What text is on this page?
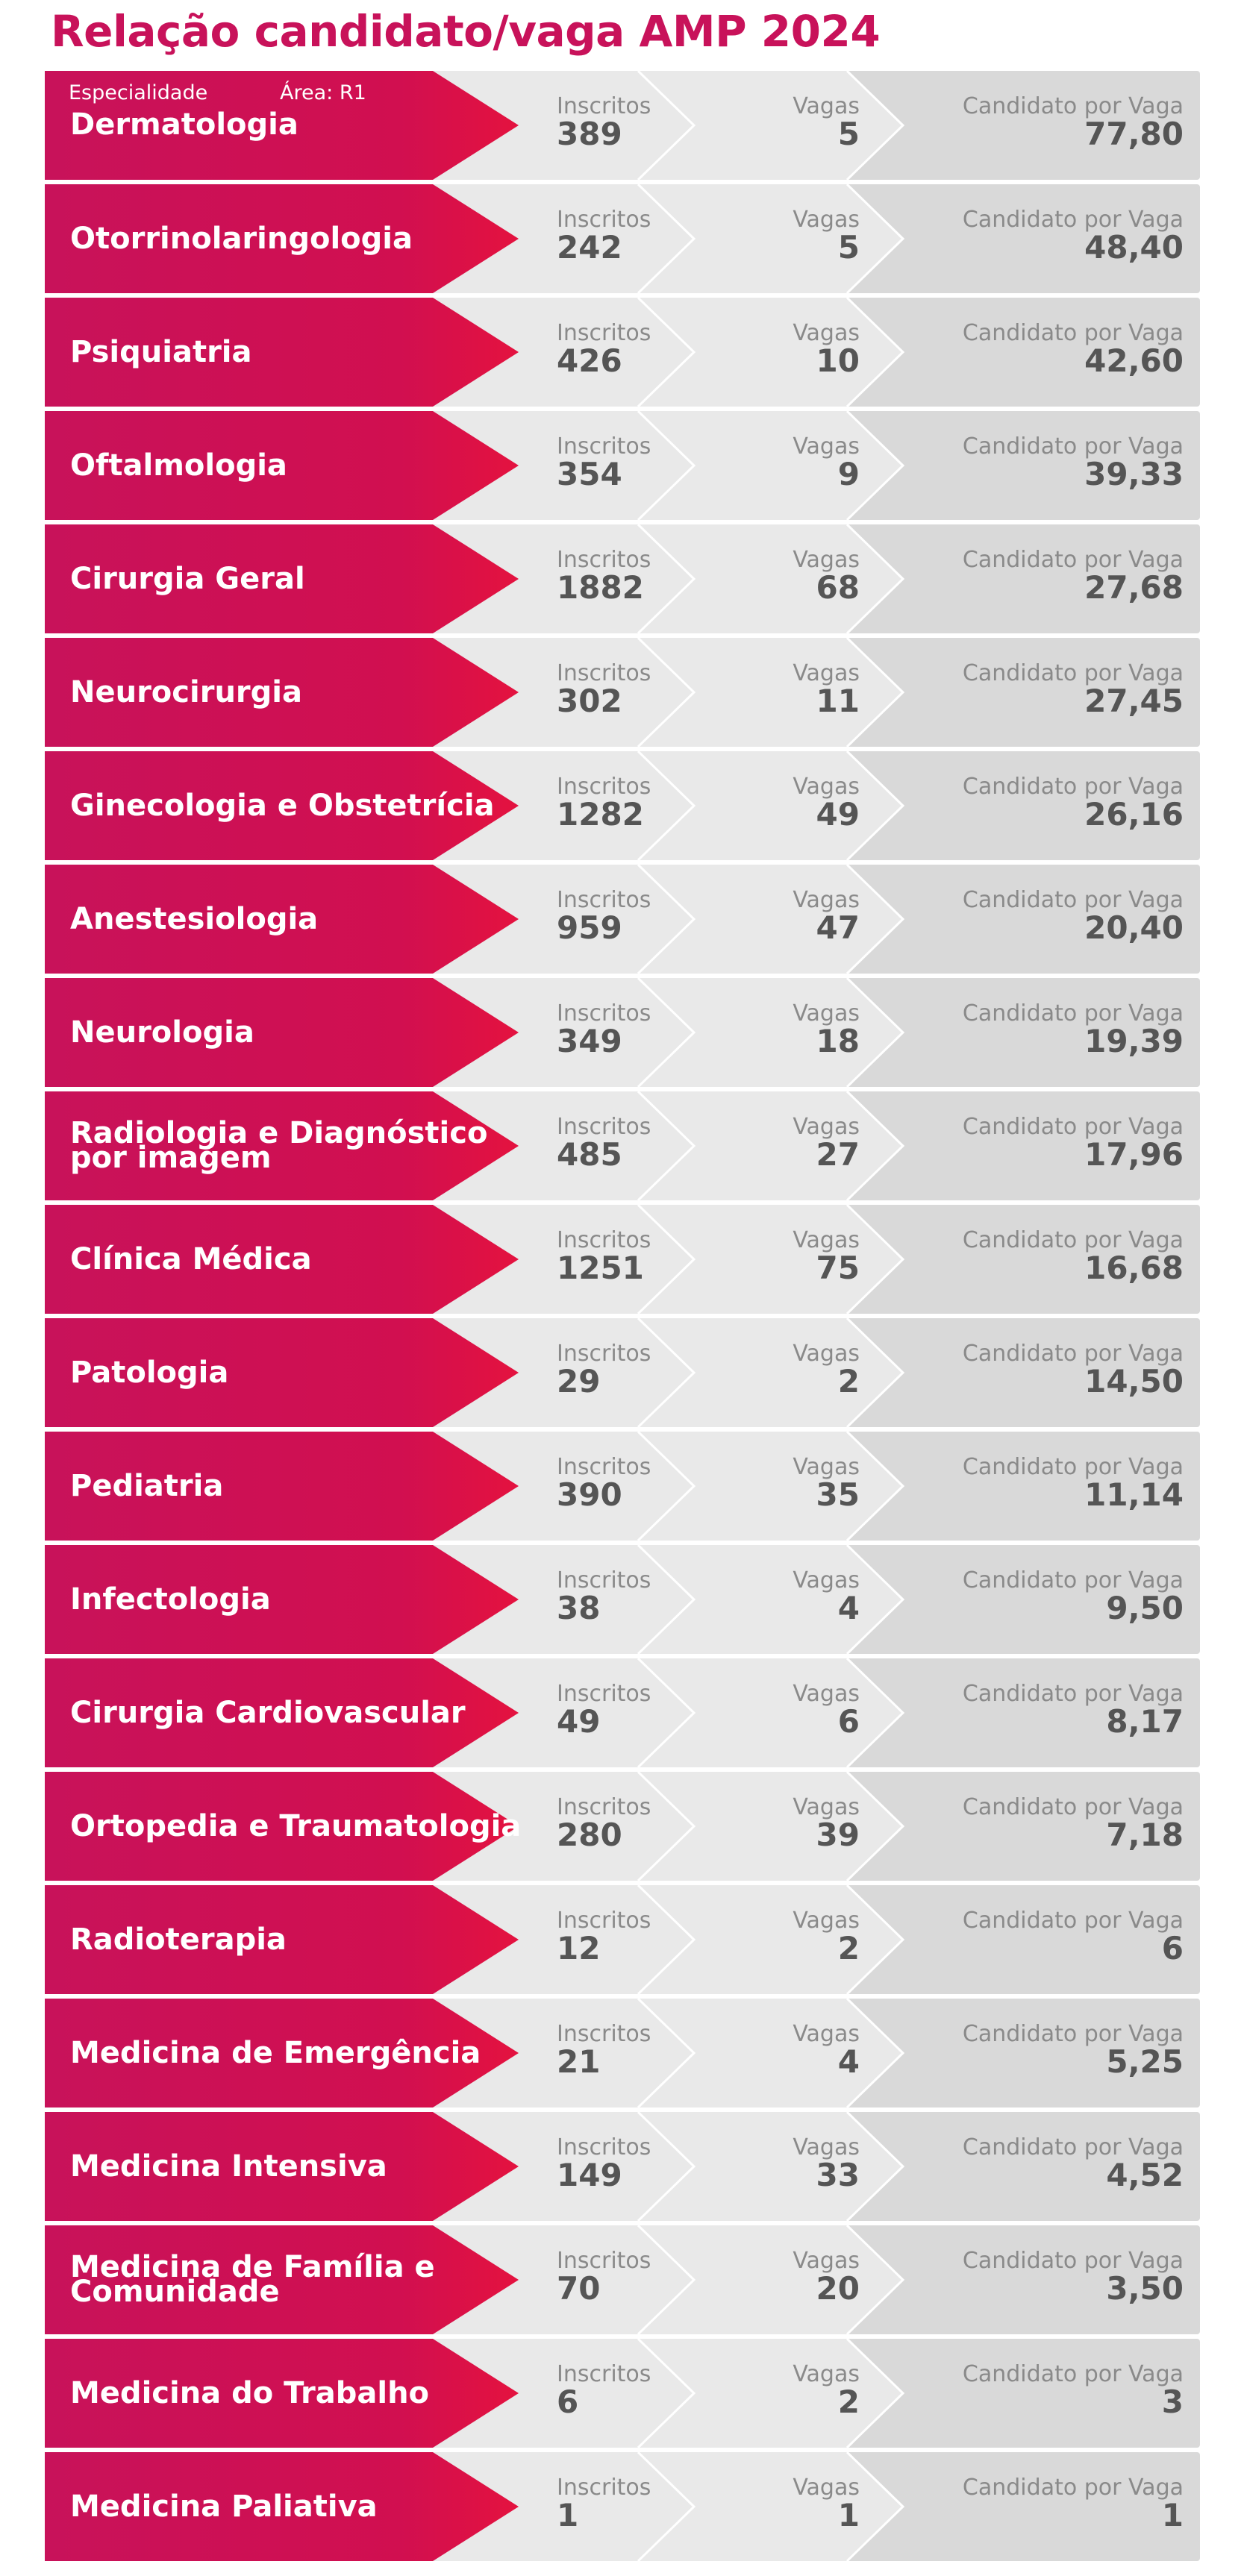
Relação candidato/vaga AMP 2024
Especialidade	Área: R1
Dermatologia
Inscritos
389
Vagas
5
Candidato por Vaga
77,80
Otorrinolaringologia
Inscritos
242
Vagas
5
Candidato por Vaga
48,40
Psiquiatria
Inscritos
426
Vagas
10
Candidato por Vaga
42,60
Oftalmologia
Inscritos
354
Vagas
9
Candidato por Vaga
39,33
Cirurgia Geral
Inscritos
1882
Vagas
68
Candidato por Vaga
27,68
Neurocirurgia
Inscritos
302
Vagas
11
Candidato por Vaga
27,45
Ginecologia e Obstetrícia
Inscritos
1282
Vagas
49
Candidato por Vaga
26,16
Anestesiologia
Inscritos
959
Vagas
47
Candidato por Vaga
20,40
Neurologia
Inscritos
349
Vagas
18
Candidato por Vaga
19,39
Radiologia e Diagnóstico por imagem
Inscritos
485
Vagas
27
Candidato por Vaga
17,96
Clínica Médica
Inscritos
1251
Vagas
75
Candidato por Vaga
16,68
Patologia
Inscritos
29
Vagas
2
Candidato por Vaga
14,50
Pediatria
Inscritos
390
Vagas
35
Candidato por Vaga
11,14
Infectologia
Inscritos
38
Vagas
4
Candidato por Vaga
9,50
Cirurgia Cardiovascular
Inscritos
49
Vagas
6
Candidato por Vaga
8,17
Ortopedia e Traumatologia
Inscritos
280
Vagas
39
Candidato por Vaga
7,18
Radioterapia
Inscritos
12
Vagas
2
Candidato por Vaga
6
Medicina de Emergência
Inscritos
21
Vagas
4
Candidato por Vaga
5,25
Medicina Intensiva
Inscritos
149
Vagas
33
Candidato por Vaga
4,52
Medicina de Família e Comunidade
Inscritos
70
Vagas
20
Candidato por Vaga
3,50
Medicina do Trabalho
Inscritos
6
Vagas
2
Candidato por Vaga
3
Medicina Paliativa
Inscritos
1
Vagas
1
Candidato por Vaga
1
